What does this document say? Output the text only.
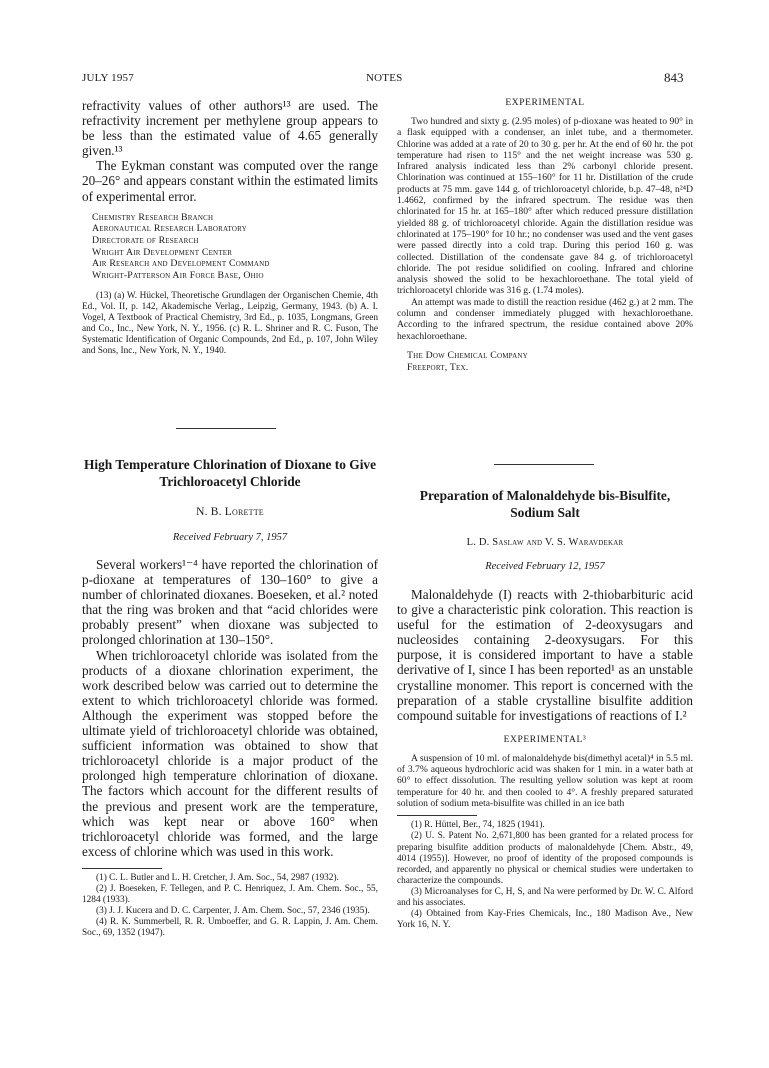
JULY 1957	NOTES	843

refractivity values of other authors¹³ are used. The refractivity increment per methylene group appears to be less than the estimated value of 4.65 generally given.¹³

The Eykman constant was computed over the range 20–26° and appears constant within the estimated limits of experimental error.

Chemistry Research Branch
Aeronautical Research Laboratory
Directorate of Research
Wright Air Development Center
Air Research and Development Command
Wright-Patterson Air Force Base, Ohio

(13) (a) W. Hückel, Theoretische Grundlagen der Organischen Chemie, 4th Ed., Vol. II, p. 142, Akademische Verlag., Leipzig, Germany, 1943. (b) A. I. Vogel, A Textbook of Practical Chemistry, 3rd Ed., p. 1035, Longmans, Green and Co., Inc., New York, N. Y., 1956. (c) R. L. Shriner and R. C. Fuson, The Systematic Identification of Organic Compounds, 2nd Ed., p. 107, John Wiley and Sons, Inc., New York, N. Y., 1940.

High Temperature Chlorination of Dioxane to Give Trichloroacetyl Chloride

N. B. Lorette

Received February 7, 1957

Several workers¹⁻⁴ have reported the chlorination of p-dioxane at temperatures of 130–160° to give a number of chlorinated dioxanes. Boeseken, et al.² noted that the ring was broken and that “acid chlorides were probably present” when dioxane was subjected to prolonged chlorination at 130–150°.

When trichloroacetyl chloride was isolated from the products of a dioxane chlorination experiment, the work described below was carried out to determine the extent to which trichloroacetyl chloride was formed. Although the experiment was stopped before the ultimate yield of trichloroacetyl chloride was obtained, sufficient information was obtained to show that trichloroacetyl chloride is a major product of the prolonged high temperature chlorination of dioxane. The factors which account for the different results of the previous and present work are the temperature, which was kept near or above 160° when trichloroacetyl chloride was formed, and the large excess of chlorine which was used in this work.

(1) C. L. Butler and L. H. Cretcher, J. Am. Soc., 54, 2987 (1932).

(2) J. Boeseken, F. Tellegen, and P. C. Henriquez, J. Am. Chem. Soc., 55, 1284 (1933).

(3) J. J. Kucera and D. C. Carpenter, J. Am. Chem. Soc., 57, 2346 (1935).

(4) R. K. Summerbell, R. R. Umboeffer, and G. R. Lappin, J. Am. Chem. Soc., 69, 1352 (1947).

EXPERIMENTAL

Two hundred and sixty g. (2.95 moles) of p-dioxane was heated to 90° in a flask equipped with a condenser, an inlet tube, and a thermometer. Chlorine was added at a rate of 20 to 30 g. per hr. At the end of 60 hr. the pot temperature had risen to 115° and the net weight increase was 530 g. Infrared analysis indicated less than 2% carbonyl chloride present. Chlorination was continued at 155–160° for 11 hr. Distillation of the crude products at 75 mm. gave 144 g. of trichloroacetyl chloride, b.p. 47–48, n²⁴D 1.4662, confirmed by the infrared spectrum. The residue was then chlorinated for 15 hr. at 165–180° after which reduced pressure distillation yielded 88 g. of trichloroacetyl chloride. Again the distillation residue was chlorinated at 175–190° for 10 hr.; no condenser was used and the vent gases were passed directly into a cold trap. During this period 160 g. was collected. Distillation of the condensate gave 84 g. of trichloroacetyl chloride. The pot residue solidified on cooling. Infrared and chlorine analysis showed the solid to be hexachloroethane. The total yield of trichloroacetyl chloride was 316 g. (1.74 moles).

An attempt was made to distill the reaction residue (462 g.) at 2 mm. The column and condenser immediately plugged with hexachloroethane. According to the infrared spectrum, the residue contained above 20% hexachloroethane.

The Dow Chemical Company
Freeport, Tex.

Preparation of Malonaldehyde bis-Bisulfite, Sodium Salt

L. D. Saslaw and V. S. Waravdekar

Received February 12, 1957

Malonaldehyde (I) reacts with 2-thiobarbituric acid to give a characteristic pink coloration. This reaction is useful for the estimation of 2-deoxysugars and nucleosides containing 2-deoxysugars. For this purpose, it is considered important to have a stable derivative of I, since I has been reported¹ as an unstable crystalline monomer. This report is concerned with the preparation of a stable crystalline bisulfite addition compound suitable for investigations of reactions of I.²

EXPERIMENTAL³

A suspension of 10 ml. of malonaldehyde bis(dimethyl acetal)⁴ in 5.5 ml. of 3.7% aqueous hydrochloric acid was shaken for 1 min. in a water bath at 60° to effect dissolution. The resulting yellow solution was kept at room temperature for 40 hr. and then cooled to 4°. A freshly prepared saturated solution of sodium meta-bisulfite was chilled in an ice bath

(1) R. Hüttel, Ber., 74, 1825 (1941).

(2) U. S. Patent No. 2,671,800 has been granted for a related process for preparing bisulfite addition products of malonaldehyde [Chem. Abstr., 49, 4014 (1955)]. However, no proof of identity of the proposed compounds is recorded, and apparently no physical or chemical studies were undertaken to characterize the compounds.

(3) Microanalyses for C, H, S, and Na were performed by Dr. W. C. Alford and his associates.

(4) Obtained from Kay-Fries Chemicals, Inc., 180 Madison Ave., New York 16, N. Y.
